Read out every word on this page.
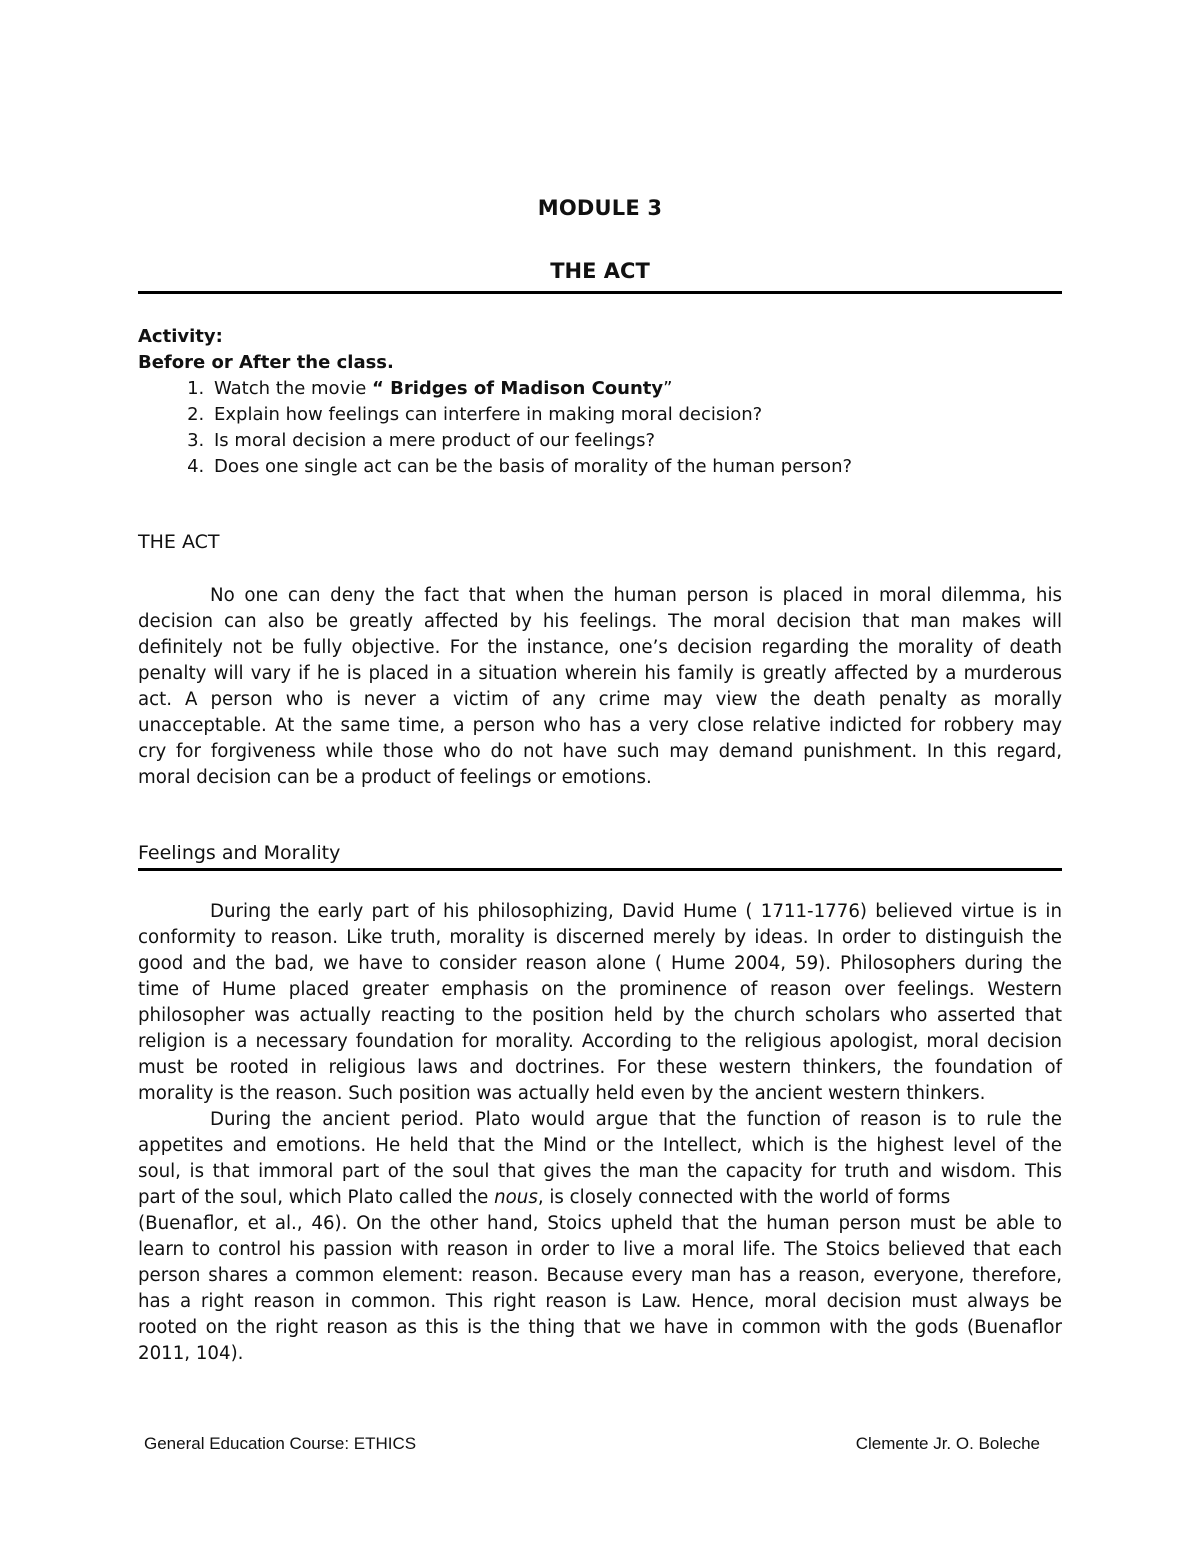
MODULE 3
THE ACT
Activity:
Before or After the class.
1. Watch the movie “ Bridges of Madison County”
2. Explain how feelings can interfere in making moral decision?
3. Is moral decision a mere product of our feelings?
4. Does one single act can be the basis of morality of the human person?
THE ACT
No one can deny the fact that when the human person is placed in moral dilemma, his
decision can also be greatly affected by his feelings. The moral decision that man makes will
definitely not be fully objective. For the instance, one’s decision regarding the morality of death
penalty will vary if he is placed in a situation wherein his family is greatly affected by a murderous
act. A person who is never a victim of any crime may view the death penalty as morally
unacceptable. At the same time, a person who has a very close relative indicted for robbery may
cry for forgiveness while those who do not have such may demand punishment. In this regard,
moral decision can be a product of feelings or emotions.
Feelings and Morality
During the early part of his philosophizing, David Hume ( 1711-1776) believed virtue is in
conformity to reason. Like truth, morality is discerned merely by ideas. In order to distinguish the
good and the bad, we have to consider reason alone ( Hume 2004, 59). Philosophers during the
time of Hume placed greater emphasis on the prominence of reason over feelings. Western
philosopher was actually reacting to the position held by the church scholars who asserted that
religion is a necessary foundation for morality. According to the religious apologist, moral decision
must be rooted in religious laws and doctrines. For these western thinkers, the foundation of
morality is the reason. Such position was actually held even by the ancient western thinkers.
During the ancient period. Plato would argue that the function of reason is to rule the
appetites and emotions. He held that the Mind or the Intellect, which is the highest level of the
soul, is that immoral part of the soul that gives the man the capacity for truth and wisdom. This
part of the soul, which Plato called the nous, is closely connected with the world of forms
(Buenaflor, et al., 46). On the other hand, Stoics upheld that the human person must be able to
learn to control his passion with reason in order to live a moral life. The Stoics believed that each
person shares a common element: reason. Because every man has a reason, everyone, therefore,
has a right reason in common. This right reason is Law. Hence, moral decision must always be
rooted on the right reason as this is the thing that we have in common with the gods (Buenaflor
2011, 104).
General Education Course: ETHICS	Clemente Jr. O. Boleche
